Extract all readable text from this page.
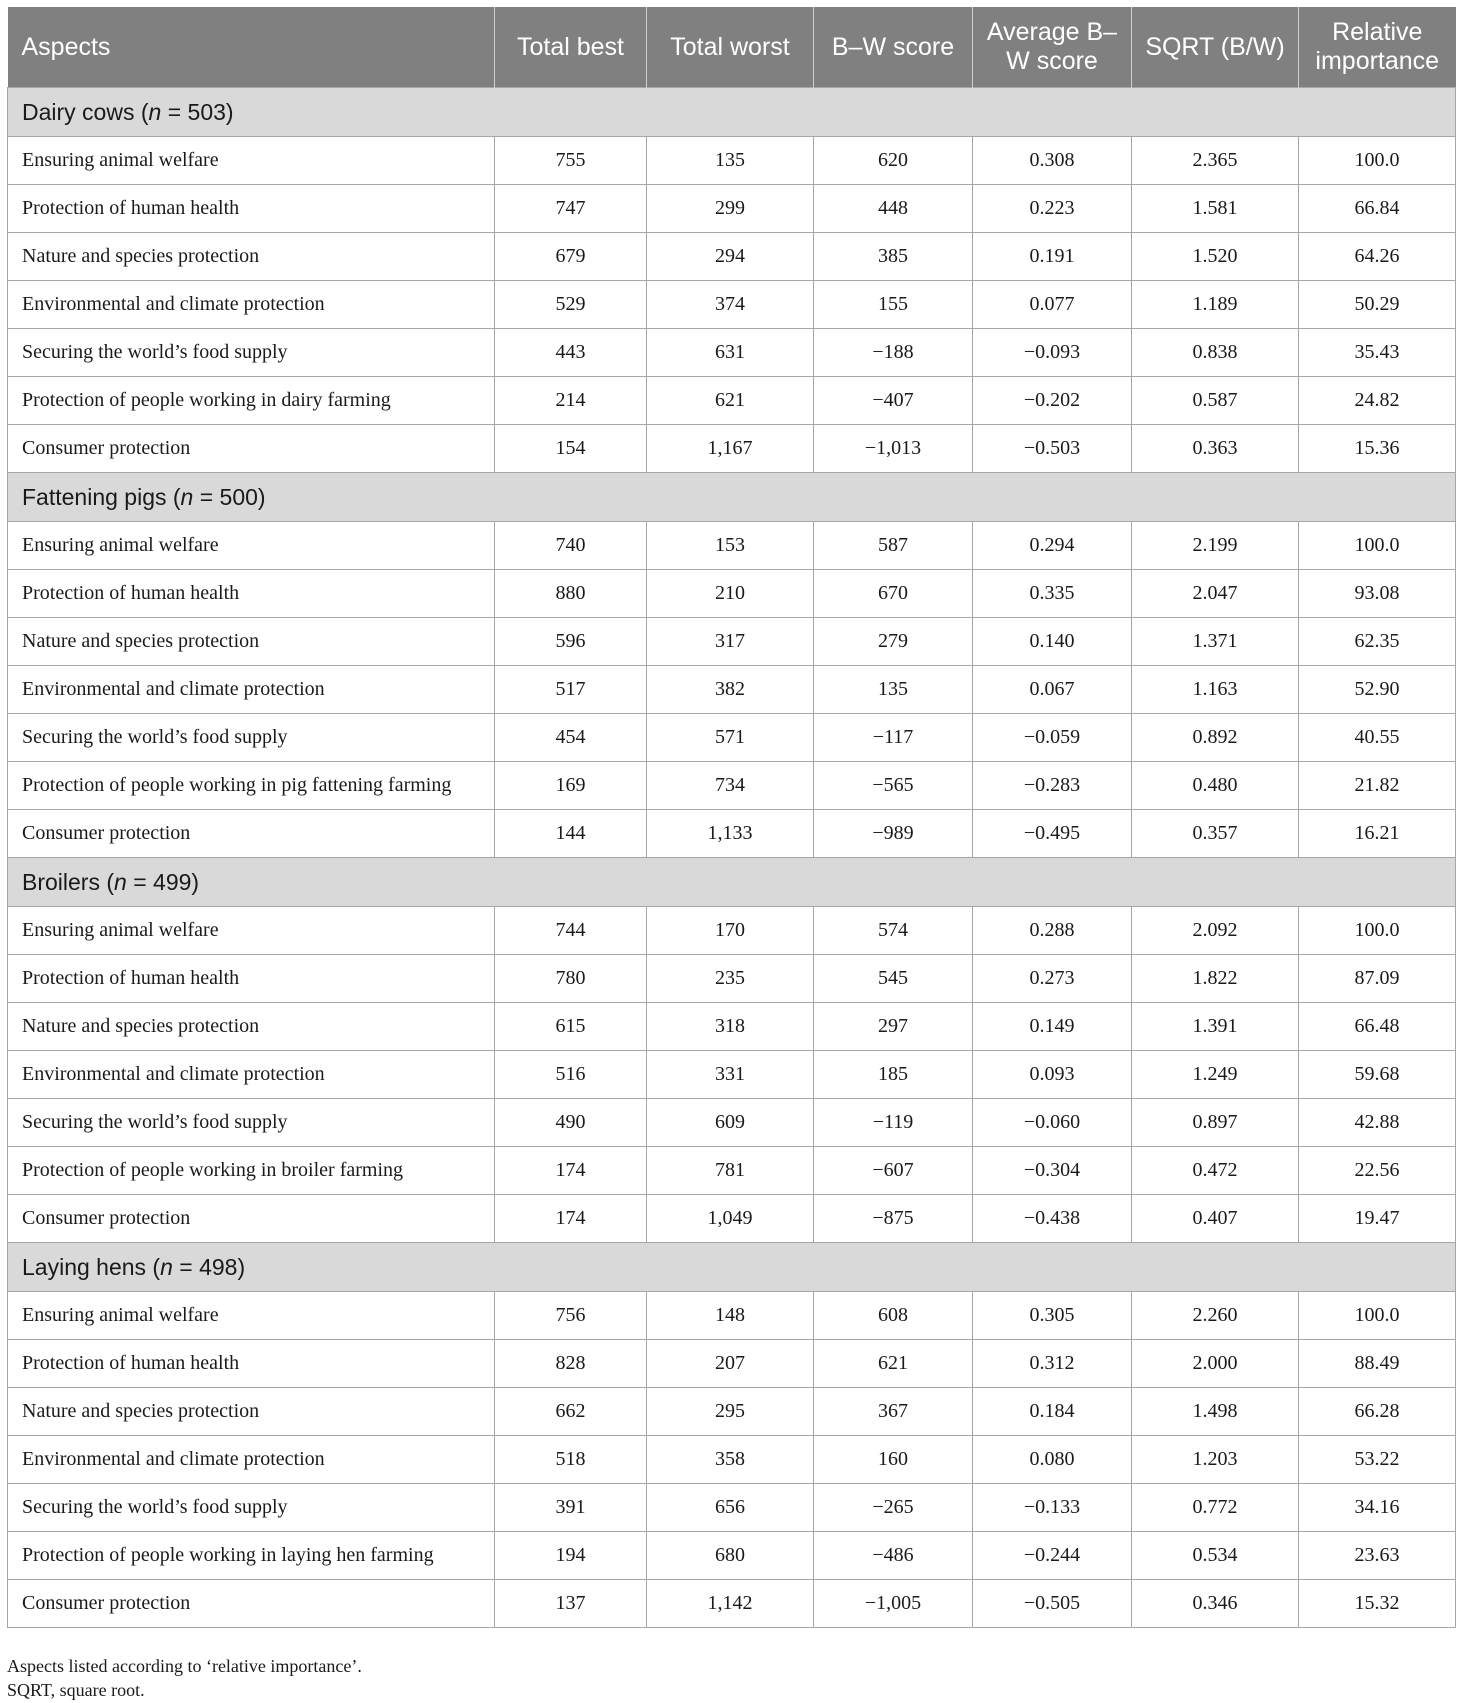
Aspects	Total best	Total worst	B–W score	Average B–W score	SQRT (B/W)	Relative importance
Dairy cows (n = 503)						
Ensuring animal welfare	755	135	620	0.308	2.365	100.0
Protection of human health	747	299	448	0.223	1.581	66.84
Nature and species protection	679	294	385	0.191	1.520	64.26
Environmental and climate protection	529	374	155	0.077	1.189	50.29
Securing the world’s food supply	443	631	−188	−0.093	0.838	35.43
Protection of people working in dairy farming	214	621	−407	−0.202	0.587	24.82
Consumer protection	154	1,167	−1,013	−0.503	0.363	15.36
Fattening pigs (n = 500)						
Ensuring animal welfare	740	153	587	0.294	2.199	100.0
Protection of human health	880	210	670	0.335	2.047	93.08
Nature and species protection	596	317	279	0.140	1.371	62.35
Environmental and climate protection	517	382	135	0.067	1.163	52.90
Securing the world’s food supply	454	571	−117	−0.059	0.892	40.55
Protection of people working in pig fattening farming	169	734	−565	−0.283	0.480	21.82
Consumer protection	144	1,133	−989	−0.495	0.357	16.21
Broilers (n = 499)						
Ensuring animal welfare	744	170	574	0.288	2.092	100.0
Protection of human health	780	235	545	0.273	1.822	87.09
Nature and species protection	615	318	297	0.149	1.391	66.48
Environmental and climate protection	516	331	185	0.093	1.249	59.68
Securing the world’s food supply	490	609	−119	−0.060	0.897	42.88
Protection of people working in broiler farming	174	781	−607	−0.304	0.472	22.56
Consumer protection	174	1,049	−875	−0.438	0.407	19.47
Laying hens (n = 498)						
Ensuring animal welfare	756	148	608	0.305	2.260	100.0
Protection of human health	828	207	621	0.312	2.000	88.49
Nature and species protection	662	295	367	0.184	1.498	66.28
Environmental and climate protection	518	358	160	0.080	1.203	53.22
Securing the world’s food supply	391	656	−265	−0.133	0.772	34.16
Protection of people working in laying hen farming	194	680	−486	−0.244	0.534	23.63
Consumer protection	137	1,142	−1,005	−0.505	0.346	15.32
Aspects listed according to ‘relative importance’.
SQRT, square root.
